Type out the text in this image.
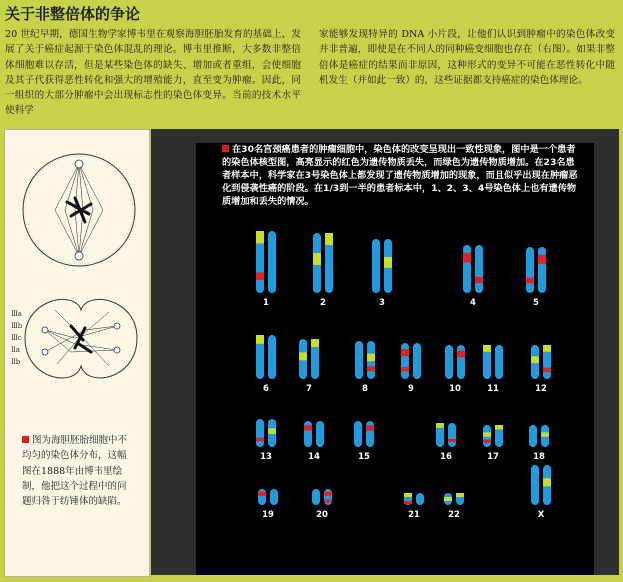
关于非整倍体的争论
20 世纪早期，德国生物学家博韦里在观察海胆胚胎发育的基础上，发展了关于癌症起源于染色体混乱的理论。博韦里推断，大多数非整倍体细胞难以存活，但是某些染色体的缺失、增加或者重组，会使细胞及其子代获得恶性转化和强大的增殖能力，直至变为肿瘤。因此，同一组织的大部分肿瘤中会出现标志性的染色体变异。当前的技术水平使科学
家能够发现特异的 DNA 小片段，让他们认识到肿瘤中的染色体改变并非普遍，即使是在不同人的同种癌变细胞也存在（右图）。如果非整倍体是癌症的结果而非原因，这种形式的变异不可能在恶性转化中随机发生（并如此一致）的，这些证据都支持癌症的染色体理论。
Ⅲa
Ⅲb
Ⅲc
Ⅱa
Ⅱb
图为海胆胚胎细胞中不均匀的染色体分布，这幅图在1888年由博韦里绘制，他把这个过程中的问题归咎于纺锤体的缺陷。
在30名宫颈癌患者的肿瘤细胞中，染色体的改变呈现出一致性现象，图中是一个患者的染色体核型图，高亮显示的红色为遗传物质丢失，而绿色为遗传物质增加。在23名患者样本中，科学家在3号染色体上都发现了遗传物质增加的现象，而且似乎出现在肿瘤恶化到侵袭性癌的阶段。在1/3到一半的患者标本中，1、2、3、4号染色体上也有遗传物质增加和丢失的情况。
1	2	3	4	5
6	7	8	9	10	11	12
13	14	15	16	17	18
19	20	21	22	X
